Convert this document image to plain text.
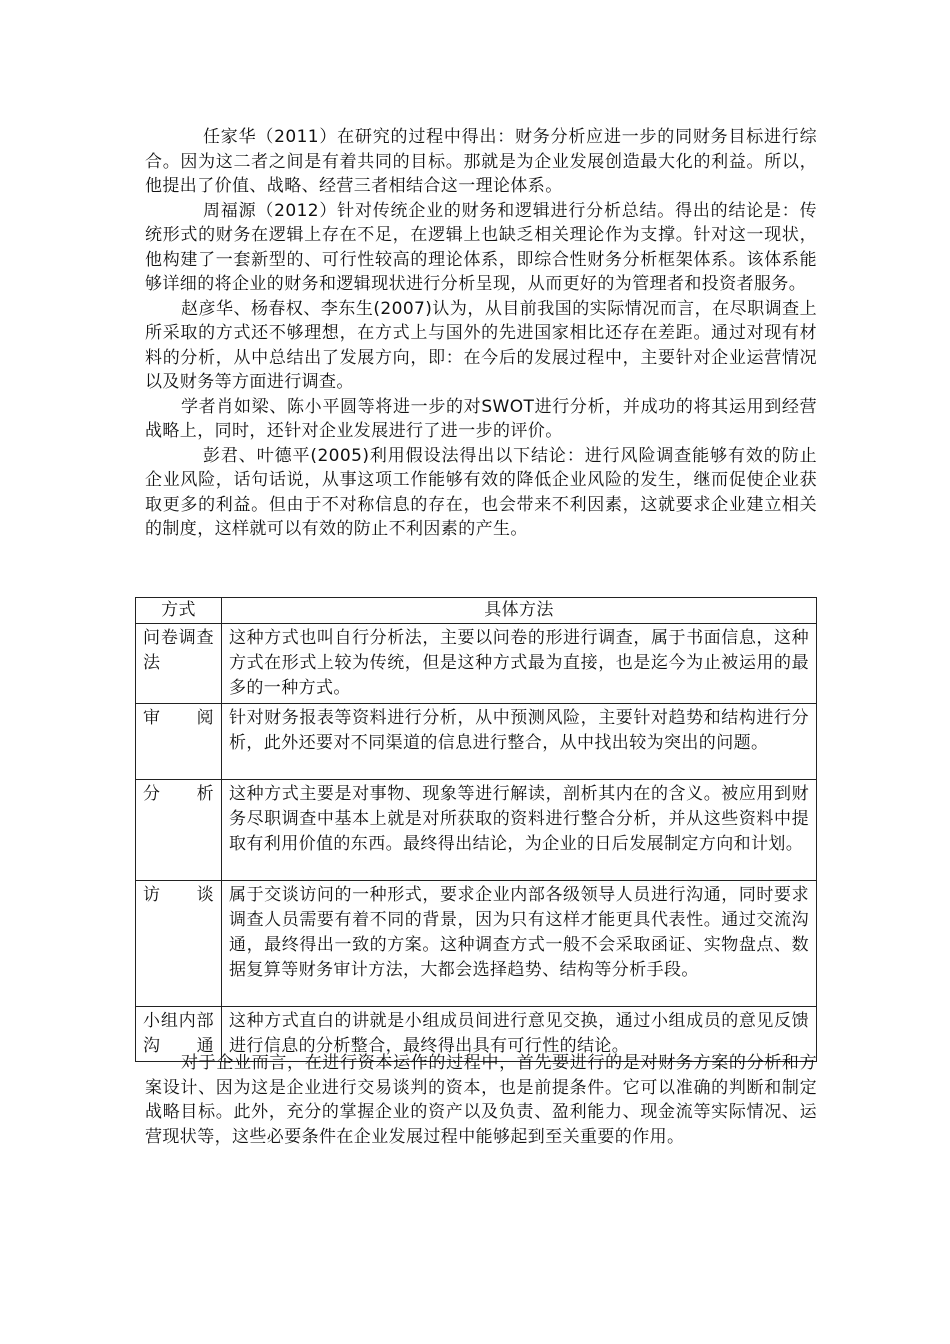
任家华（2011）在研究的过程中得出：财务分析应进一步的同财务目标进行综合。因为这二者之间是有着共同的目标。那就是为企业发展创造最大化的利益。所以，他提出了价值、战略、经营三者相结合这一理论体系。

周福源（2012）针对传统企业的财务和逻辑进行分析总结。得出的结论是：传统形式的财务在逻辑上存在不足，在逻辑上也缺乏相关理论作为支撑。针对这一现状，他构建了一套新型的、可行性较高的理论体系，即综合性财务分析框架体系。该体系能够详细的将企业的财务和逻辑现状进行分析呈现，从而更好的为管理者和投资者服务。

赵彦华、杨春权、李东生(2007)认为，从目前我国的实际情况而言，在尽职调查上所采取的方式还不够理想，在方式上与国外的先进国家相比还存在差距。通过对现有材料的分析，从中总结出了发展方向，即：在今后的发展过程中，主要针对企业运营情况以及财务等方面进行调查。

学者肖如梁、陈小平圆等将进一步的对SWOT进行分析，并成功的将其运用到经营战略上，同时，还针对企业发展进行了进一步的评价。

彭君、叶德平(2005)利用假设法得出以下结论：进行风险调查能够有效的防止企业风险，话句话说，从事这项工作能够有效的降低企业风险的发生，继而促使企业获取更多的利益。但由于不对称信息的存在，也会带来不利因素，这就要求企业建立相关的制度，这样就可以有效的防止不利因素的产生。

方式	具体方法
问卷调查法	这种方式也叫自行分析法，主要以问卷的形进行调查，属于书面信息，这种方式在形式上较为传统，但是这种方式最为直接，也是迄今为止被运用的最多的一种方式。
审阅	针对财务报表等资料进行分析，从中预测风险，主要针对趋势和结构进行分析，此外还要对不同渠道的信息进行整合，从中找出较为突出的问题。
分析	这种方式主要是对事物、现象等进行解读，剖析其内在的含义。被应用到财务尽职调查中基本上就是对所获取的资料进行整合分析，并从这些资料中提取有利用价值的东西。最终得出结论，为企业的日后发展制定方向和计划。
访谈	属于交谈访问的一种形式，要求企业内部各级领导人员进行沟通，同时要求调查人员需要有着不同的背景，因为只有这样才能更具代表性。通过交流沟通，最终得出一致的方案。这种调查方式一般不会采取函证、实物盘点、数据复算等财务审计方法，大都会选择趋势、结构等分析手段。
小组内部沟通	这种方式直白的讲就是小组成员间进行意见交换，通过小组成员的意见反馈进行信息的分析整合，最终得出具有可行性的结论。

对于企业而言，在进行资本运作的过程中，首先要进行的是对财务方案的分析和方案设计、因为这是企业进行交易谈判的资本，也是前提条件。它可以准确的判断和制定战略目标。此外，充分的掌握企业的资产以及负责、盈利能力、现金流等实际情况、运营现状等，这些必要条件在企业发展过程中能够起到至关重要的作用。
